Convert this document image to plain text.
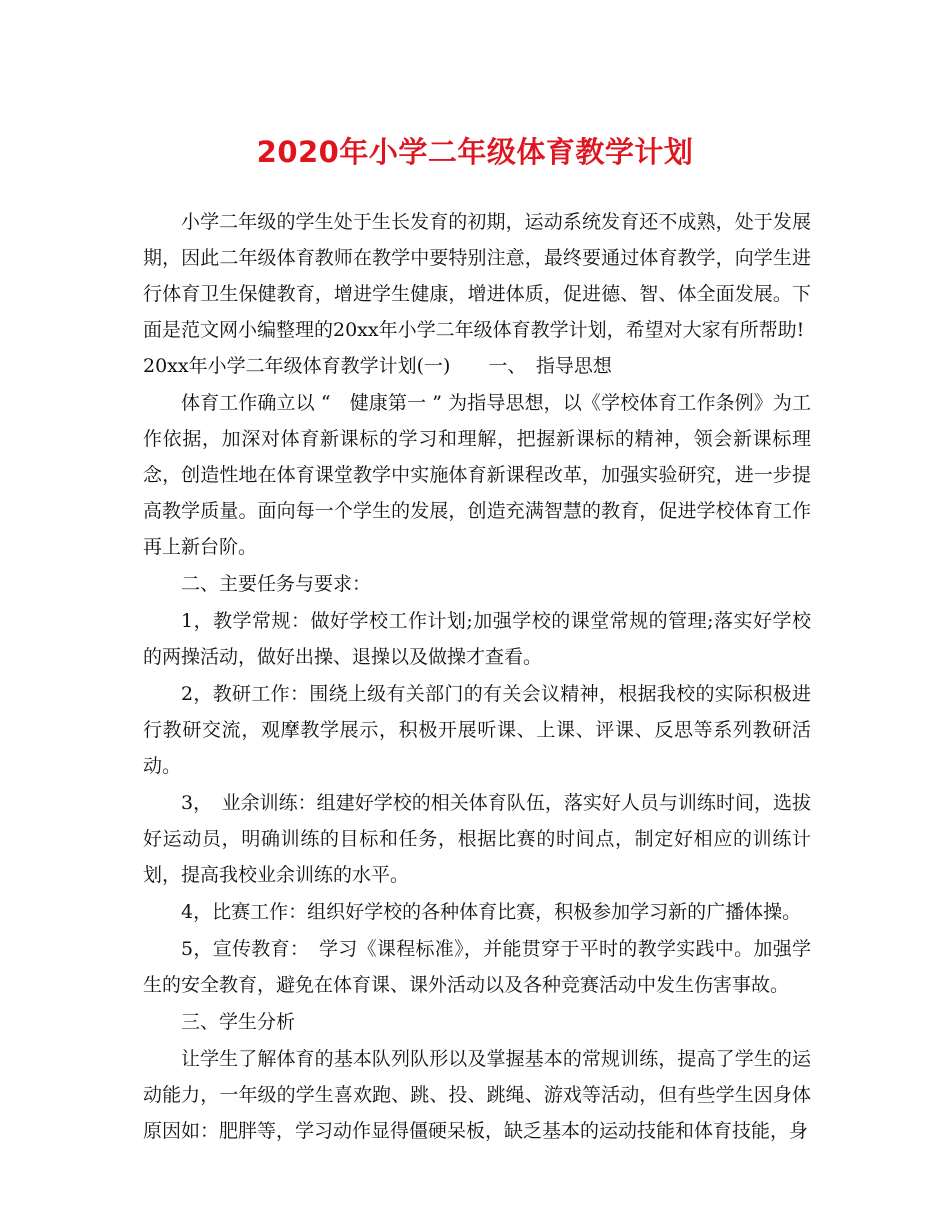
2020年小学二年级体育教学计划

小学二年级的学生处于生长发育的初期，运动系统发育还不成熟，处于发展期，因此二年级体育教师在教学中要特别注意，最终要通过体育教学，向学生进行体育卫生保健教育，增进学生健康，增进体质，促进德、智、体全面发展。下面是范文网小编整理的20xx年小学二年级体育教学计划，希望对大家有所帮助!

20xx年小学二年级体育教学计划(一)　　一、　指导思想

体育工作确立以 “　健康第一 ” 为指导思想，以《学校体育工作条例》为工作依据，加深对体育新课标的学习和理解，把握新课标的精神，领会新课标理念，创造性地在体育课堂教学中实施体育新课程改革，加强实验研究，进一步提高教学质量。面向每一个学生的发展，创造充满智慧的教育，促进学校体育工作再上新台阶。

二、主要任务与要求：

1，教学常规：做好学校工作计划;加强学校的课堂常规的管理;落实好学校的两操活动，做好出操、退操以及做操才查看。

2，教研工作：围绕上级有关部门的有关会议精神，根据我校的实际积极进行教研交流，观摩教学展示，积极开展听课、上课、评课、反思等系列教研活动。

3，　业余训练：组建好学校的相关体育队伍，落实好人员与训练时间，选拔好运动员，明确训练的目标和任务，根据比赛的时间点，制定好相应的训练计划，提高我校业余训练的水平。

4，比赛工作：组织好学校的各种体育比赛，积极参加学习新的广播体操。

5，宣传教育：　学习《课程标准》，并能贯穿于平时的教学实践中。加强学生的安全教育，避免在体育课、课外活动以及各种竞赛活动中发生伤害事故。

三、学生分析

让学生了解体育的基本队列队形以及掌握基本的常规训练，提高了学生的运动能力，一年级的学生喜欢跑、跳、投、跳绳、游戏等活动，但有些学生因身体原因如：肥胖等，学习动作显得僵硬呆板，缺乏基本的运动技能和体育技能，身
